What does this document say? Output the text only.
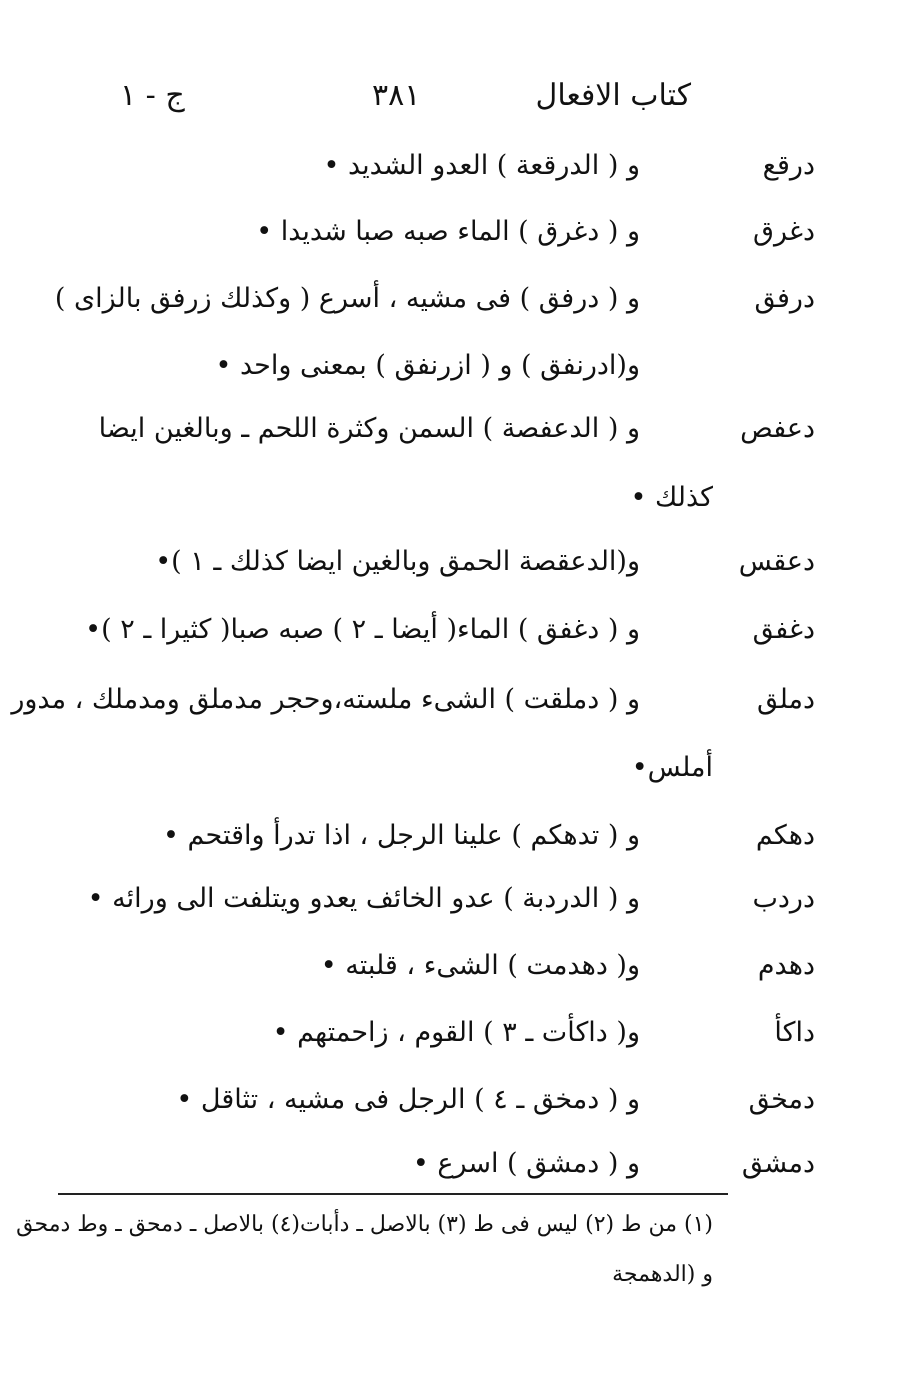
كتاب الافعال
٣٨١
ج - ١
درقع
و ( الدرقعة ) العدو الشديد •
دغرق
و ( دغرق ) الماء صبه صبا شديدا •
درفق
و ( درفق ) فى مشيه ، أسرع ( وكذلك زرفق بالزاى )
و(ادرنفق ) و ( ازرنفق ) بمعنى واحد •
دعفص
و ( الدعفصة ) السمن وكثرة اللحم ـ وبالغين ايضا
كذلك •
دعقس
و(الدعقصة الحمق وبالغين ايضا كذلك ـ ١ )•
دغفق
و ( دغفق ) الماء( أيضا ـ ٢ ) صبه صبا( كثيرا ـ ٢ )•
دملق
و ( دملقت ) الشىء ملسته،وحجر مدملق ومدملك ، مدور
أملس•
دهكم
و ( تدهكم ) علينا الرجل ، اذا تدرأ واقتحم •
دردب
و ( الدردبة ) عدو الخائف يعدو ويتلفت الى ورائه •
دهدم
و( دهدمت ) الشىء ، قلبته •
داكأ
و( داكأت ـ ٣ ) القوم ، زاحمتهم •
دمخق
و ( دمخق ـ ٤ ) الرجل فى مشيه ، تثاقل •
دمشق
و ( دمشق ) اسرع •
(١) من ط (٢) ليس فى ط (٣) بالاصل ـ دأبات(٤) بالاصل ـ دمحق ـ وط دمحق
و (الدهمجة
